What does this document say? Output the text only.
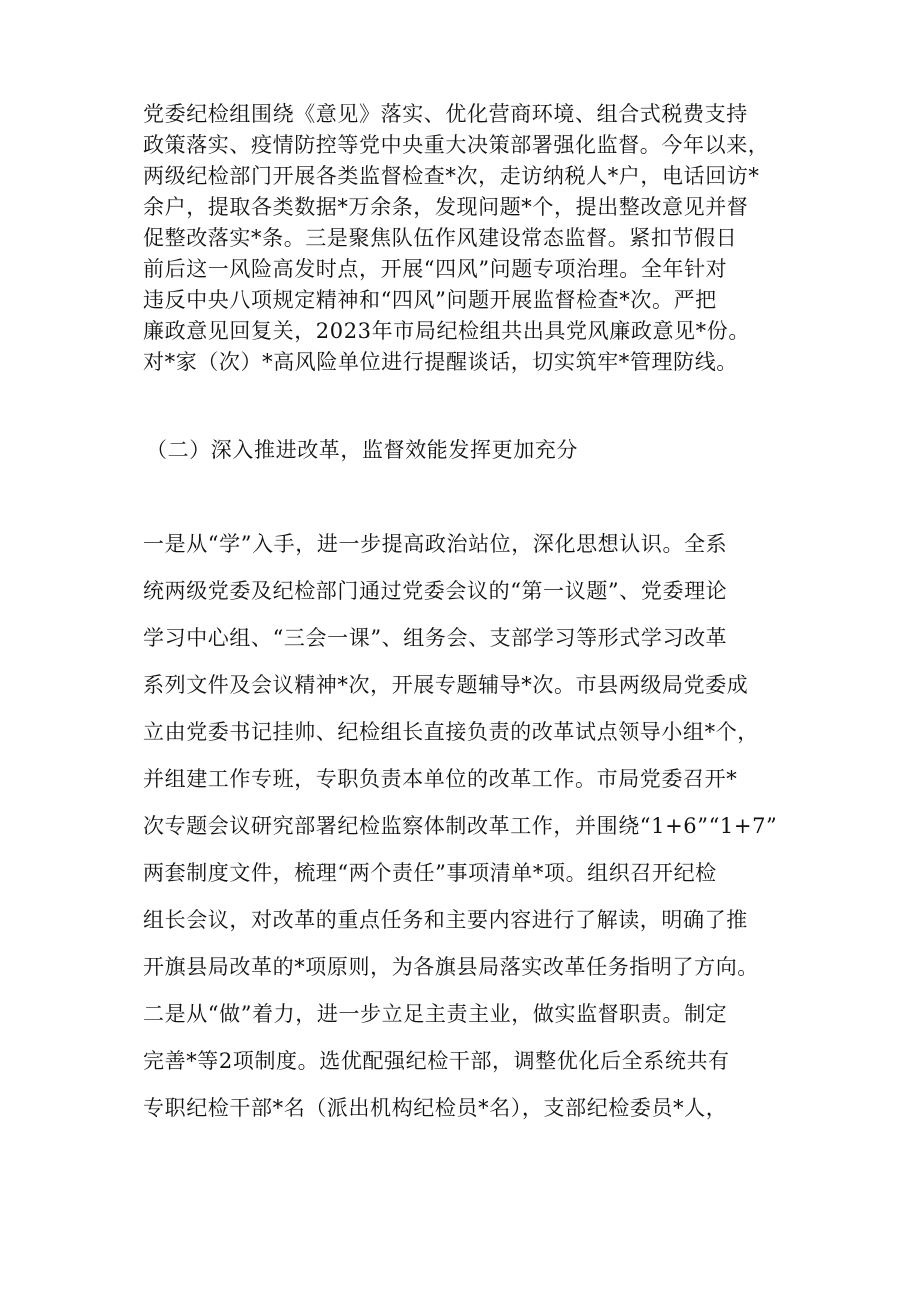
党委纪检组围绕《意见》落实、优化营商环境、组合式税费支持
政策落实、疫情防控等党中央重大决策部署强化监督。今年以来，
两级纪检部门开展各类监督检查*次，走访纳税人*户，电话回访*
余户，提取各类数据*万余条，发现问题*个，提出整改意见并督
促整改落实*条。三是聚焦队伍作风建设常态监督。紧扣节假日
前后这一风险高发时点，开展“四风”问题专项治理。全年针对
违反中央八项规定精神和“四风”问题开展监督检查*次。严把
廉政意见回复关，2023年市局纪检组共出具党风廉政意见*份。
对*家（次）*高风险单位进行提醒谈话，切实筑牢*管理防线。
（二）深入推进改革，监督效能发挥更加充分
一是从“学”入手，进一步提高政治站位，深化思想认识。全系
统两级党委及纪检部门通过党委会议的“第一议题”、党委理论
学习中心组、“三会一课”、组务会、支部学习等形式学习改革
系列文件及会议精神*次，开展专题辅导*次。市县两级局党委成
立由党委书记挂帅、纪检组长直接负责的改革试点领导小组*个，
并组建工作专班，专职负责本单位的改革工作。市局党委召开*
次专题会议研究部署纪检监察体制改革工作，并围绕“1+6”“1+7”
两套制度文件，梳理“两个责任”事项清单*项。组织召开纪检
组长会议，对改革的重点任务和主要内容进行了解读，明确了推
开旗县局改革的*项原则，为各旗县局落实改革任务指明了方向。
二是从“做”着力，进一步立足主责主业，做实监督职责。制定
完善*等2项制度。选优配强纪检干部，调整优化后全系统共有
专职纪检干部*名（派出机构纪检员*名），支部纪检委员*人，
